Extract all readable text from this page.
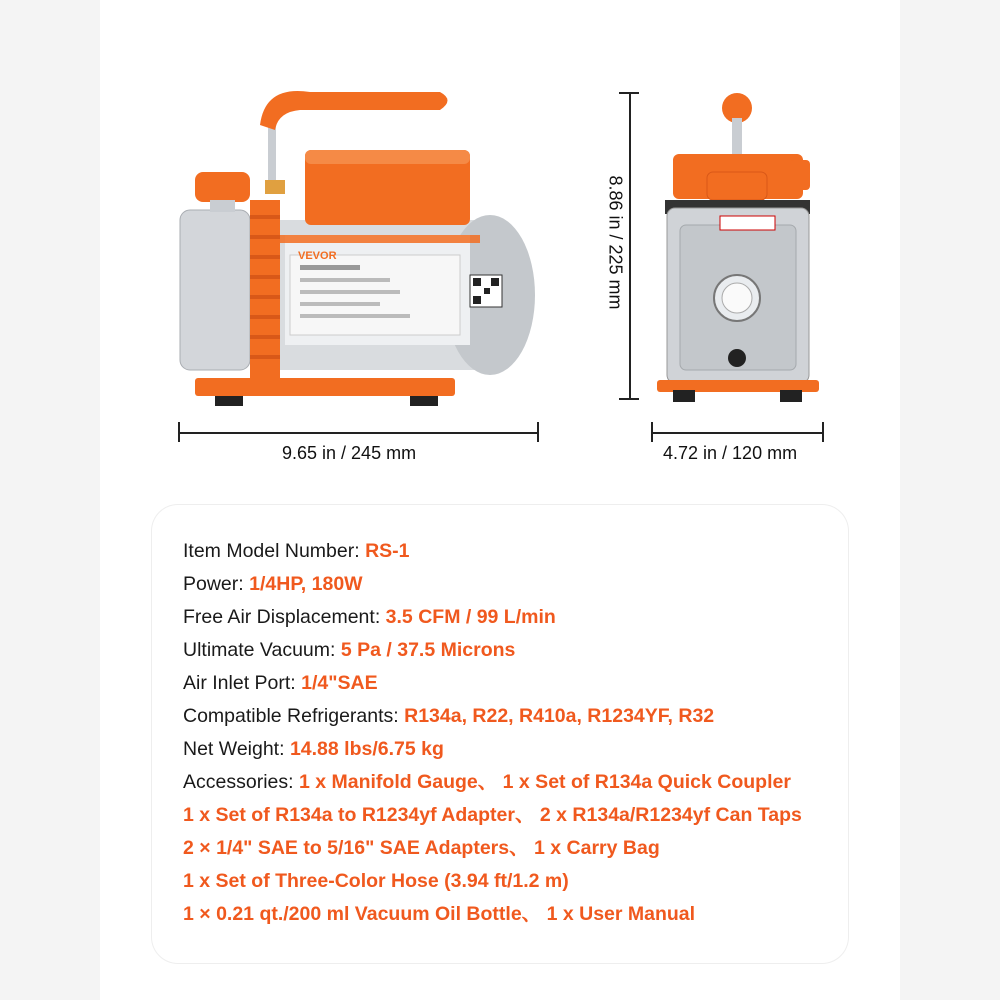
VEVOR
9.65 in / 245 mm
8.86 in / 225 mm
4.72 in / 120 mm
Item Model Number: RS-1
Power: 1/4HP, 180W
Free Air Displacement: 3.5 CFM / 99 L/min
Ultimate Vacuum: 5 Pa / 37.5 Microns
Air Inlet Port: 1/4"SAE
Compatible Refrigerants: R134a, R22, R410a, R1234YF, R32
Net Weight: 14.88 lbs/6.75 kg
Accessories: 1 x Manifold Gauge、 1 x Set of R134a Quick Coupler
1 x Set of R134a to R1234yf Adapter、 2 x R134a/R1234yf Can Taps
2 × 1/4" SAE to 5/16" SAE Adapters、 1 x Carry Bag
1 x Set of Three-Color Hose (3.94 ft/1.2 m)
1 × 0.21 qt./200 ml Vacuum Oil Bottle、 1 x User Manual
